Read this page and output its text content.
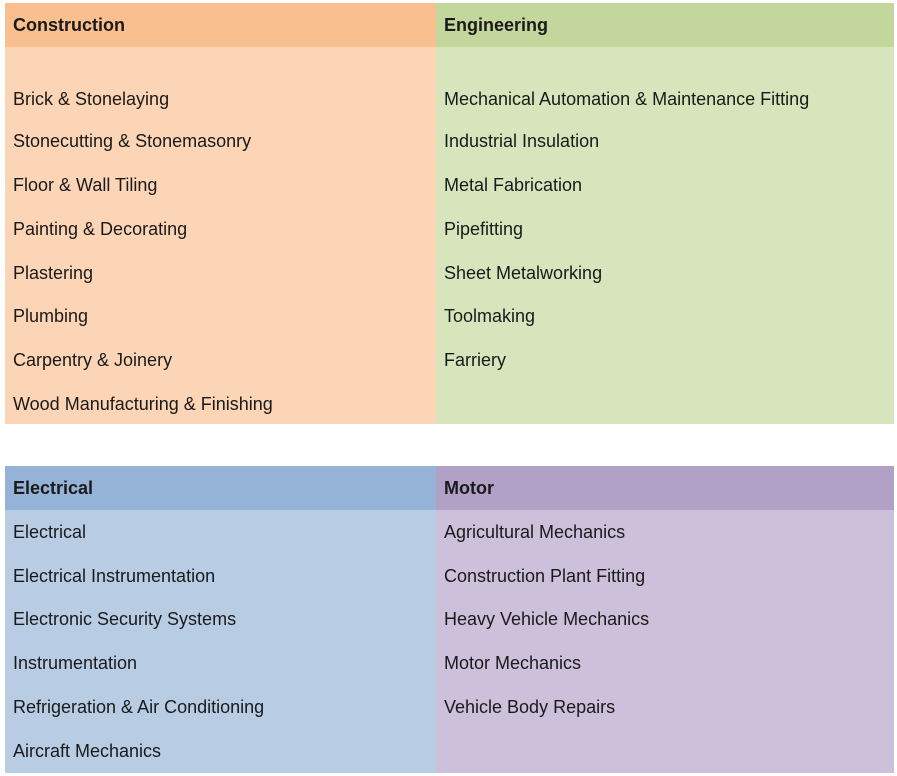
Construction
Brick & Stonelaying
Stonecutting & Stonemasonry
Floor & Wall Tiling
Painting & Decorating
Plastering
Plumbing
Carpentry & Joinery
Wood Manufacturing & Finishing
Engineering
Mechanical Automation & Maintenance Fitting
Industrial Insulation
Metal Fabrication
Pipefitting
Sheet Metalworking
Toolmaking
Farriery
Electrical
Electrical
Electrical Instrumentation
Electronic Security Systems
Instrumentation
Refrigeration & Air Conditioning
Aircraft Mechanics
Motor
Agricultural Mechanics
Construction Plant Fitting
Heavy Vehicle Mechanics
Motor Mechanics
Vehicle Body Repairs
